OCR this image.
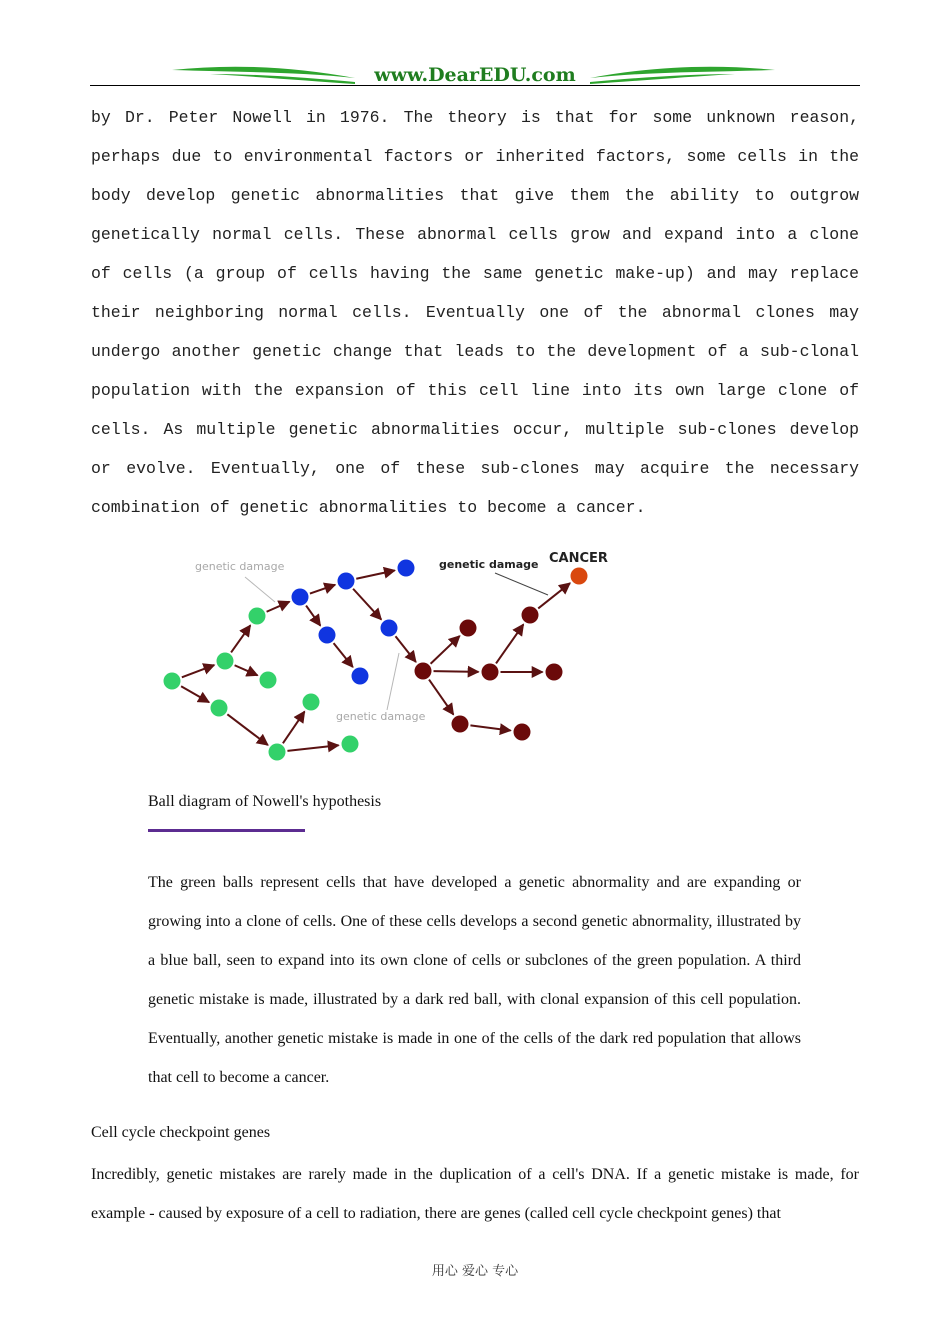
www.DearEDU.com

by Dr. Peter Nowell in 1976. The theory is that for some unknown reason, perhaps due to environmental factors or inherited factors, some cells in the body develop genetic abnormalities that give them the ability to outgrow genetically normal cells. These abnormal cells grow and expand into a clone of cells (a group of cells having the same genetic make-up) and may replace their neighboring normal cells. Eventually one of the abnormal clones may undergo another genetic change that leads to the development of a sub-clonal population with the expansion of this cell line into its own large clone of cells. As multiple genetic abnormalities occur, multiple sub-clones develop or evolve. Eventually, one of these sub-clones may acquire the necessary combination of genetic abnormalities to become a cancer.

genetic damage
genetic damage
genetic damage CANCER

Ball diagram of Nowell's hypothesis

The green balls represent cells that have developed a genetic abnormality and are expanding or growing into a clone of cells. One of these cells develops a second genetic abnormality, illustrated by a blue ball, seen to expand into its own clone of cells or subclones of the green population. A third genetic mistake is made, illustrated by a dark red ball, with clonal expansion of this cell population. Eventually, another genetic mistake is made in one of the cells of the dark red population that allows that cell to become a cancer.

Cell cycle checkpoint genes

Incredibly, genetic mistakes are rarely made in the duplication of a cell's DNA. If a genetic mistake is made, for example - caused by exposure of a cell to radiation, there are genes (called cell cycle checkpoint genes) that

用心 爱心 专心
